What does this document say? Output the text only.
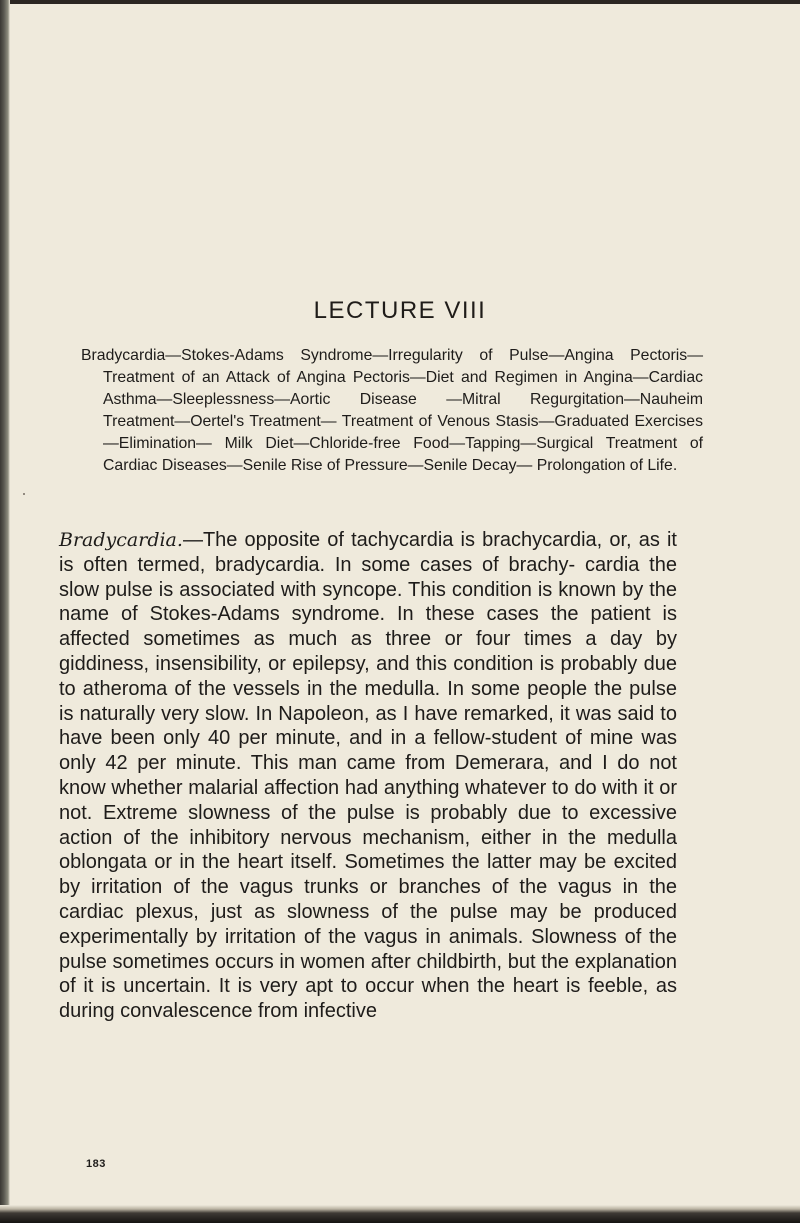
LECTURE VIII

Bradycardia—Stokes-Adams Syndrome—Irregularity of Pulse—Angina Pectoris—Treatment of an Attack of Angina Pectoris—Diet and Regimen in Angina—Cardiac Asthma—Sleeplessness—Aortic Disease —Mitral Regurgitation—Nauheim Treatment—Oertel's Treatment— Treatment of Venous Stasis—Graduated Exercises—Elimination— Milk Diet—Chloride-free Food—Tapping—Surgical Treatment of Cardiac Diseases—Senile Rise of Pressure—Senile Decay— Prolongation of Life.

Bradycardia.—The opposite of tachycardia is brachycardia, or, as it is often termed, bradycardia. In some cases of brachy- cardia the slow pulse is associated with syncope. This condition is known by the name of Stokes-Adams syndrome. In these cases the patient is affected sometimes as much as three or four times a day by giddiness, insensibility, or epilepsy, and this condition is probably due to atheroma of the vessels in the medulla. In some people the pulse is naturally very slow. In Napoleon, as I have remarked, it was said to have been only 40 per minute, and in a fellow-student of mine was only 42 per minute. This man came from Demerara, and I do not know whether malarial affection had anything whatever to do with it or not. Extreme slowness of the pulse is probably due to excessive action of the inhibitory nervous mechanism, either in the medulla oblongata or in the heart itself. Sometimes the latter may be excited by irritation of the vagus trunks or branches of the vagus in the cardiac plexus, just as slowness of the pulse may be produced experimentally by irritation of the vagus in animals. Slowness of the pulse sometimes occurs in women after childbirth, but the explanation of it is uncertain. It is very apt to occur when the heart is feeble, as during convalescence from infective

183
